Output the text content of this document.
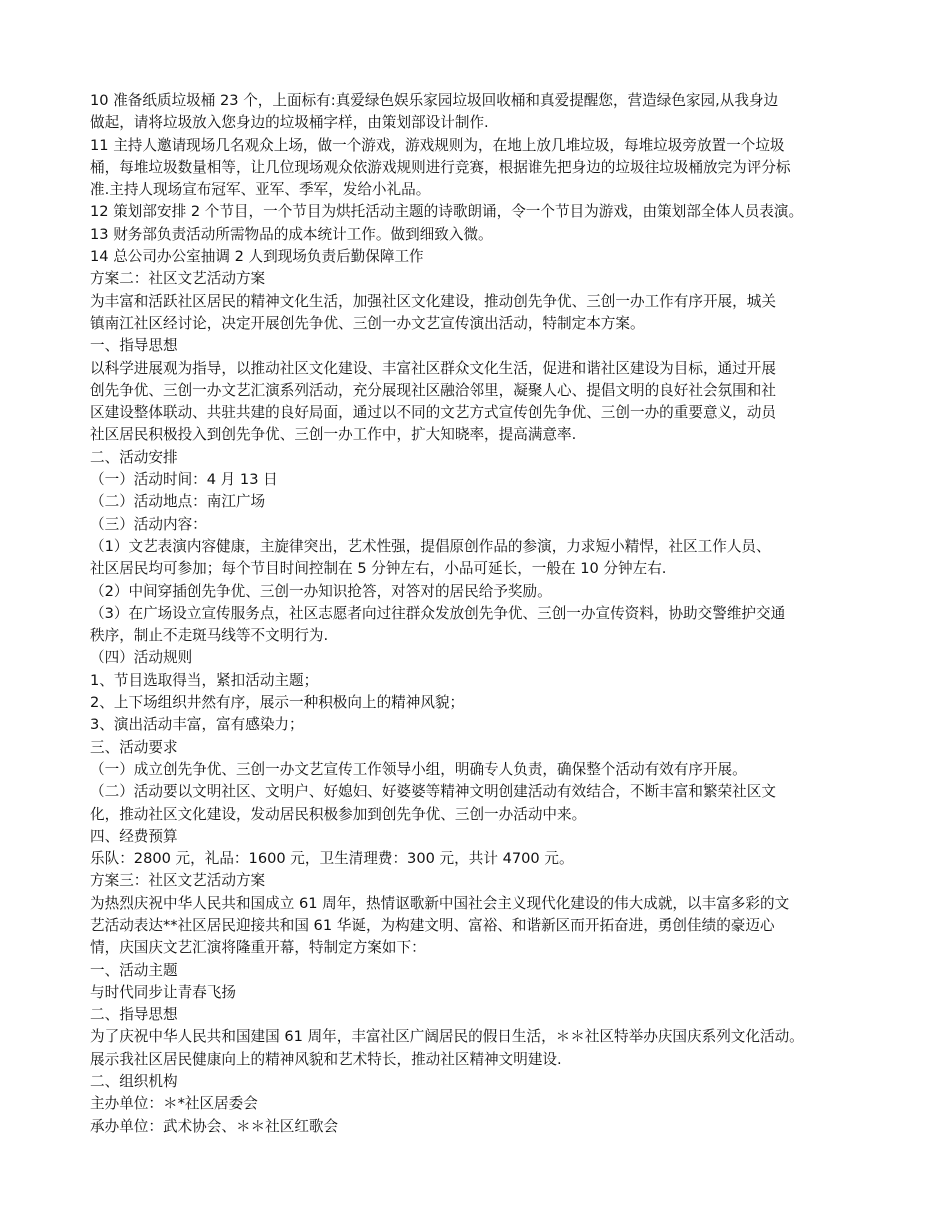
10 准备纸质垃圾桶 23 个，上面标有:真爱绿色娱乐家园垃圾回收桶和真爱提醒您，营造绿色家园,从我身边
做起，请将垃圾放入您身边的垃圾桶字样，由策划部设计制作.
11 主持人邀请现场几名观众上场，做一个游戏，游戏规则为，在地上放几堆垃圾，每堆垃圾旁放置一个垃圾
桶，每堆垃圾数量相等，让几位现场观众依游戏规则进行竞赛，根据谁先把身边的垃圾往垃圾桶放完为评分标
准.主持人现场宣布冠军、亚军、季军，发给小礼品。
12 策划部安排 2 个节目，一个节目为烘托活动主题的诗歌朗诵，令一个节目为游戏，由策划部全体人员表演。
13 财务部负责活动所需物品的成本统计工作。做到细致入微。
14 总公司办公室抽调 2 人到现场负责后勤保障工作
方案二：社区文艺活动方案
为丰富和活跃社区居民的精神文化生活，加强社区文化建设，推动创先争优、三创一办工作有序开展，城关
镇南江社区经讨论，决定开展创先争优、三创一办文艺宣传演出活动，特制定本方案。
一、指导思想
以科学进展观为指导，以推动社区文化建设、丰富社区群众文化生活，促进和谐社区建设为目标，通过开展
创先争优、三创一办文艺汇演系列活动，充分展现社区融洽邻里，凝聚人心、提倡文明的良好社会氛围和社
区建设整体联动、共驻共建的良好局面，通过以不同的文艺方式宣传创先争优、三创一办的重要意义，动员
社区居民积极投入到创先争优、三创一办工作中，扩大知晓率，提高满意率.
二、活动安排
（一）活动时间：4 月 13 日
（二）活动地点：南江广场
（三）活动内容：
（1）文艺表演内容健康，主旋律突出，艺术性强，提倡原创作品的参演，力求短小精悍，社区工作人员、
社区居民均可参加；每个节目时间控制在 5 分钟左右，小品可延长，一般在 10 分钟左右.
（2）中间穿插创先争优、三创一办知识抢答，对答对的居民给予奖励。
（3）在广场设立宣传服务点，社区志愿者向过往群众发放创先争优、三创一办宣传资料，协助交警维护交通
秩序，制止不走斑马线等不文明行为.
（四）活动规则
1、节目选取得当，紧扣活动主题；
2、上下场组织井然有序，展示一种积极向上的精神风貌；
3、演出活动丰富，富有感染力；
三、活动要求
（一）成立创先争优、三创一办文艺宣传工作领导小组，明确专人负责，确保整个活动有效有序开展。
（二）活动要以文明社区、文明户、好媳妇、好婆婆等精神文明创建活动有效结合，不断丰富和繁荣社区文
化，推动社区文化建设，发动居民积极参加到创先争优、三创一办活动中来。
四、经费预算
乐队：2800 元，礼品：1600 元，卫生清理费：300 元，共计 4700 元。
方案三：社区文艺活动方案
为热烈庆祝中华人民共和国成立 61 周年，热情讴歌新中国社会主义现代化建设的伟大成就，以丰富多彩的文
艺活动表达**社区居民迎接共和国 61 华诞，为构建文明、富裕、和谐新区而开拓奋进，勇创佳绩的豪迈心
情，庆国庆文艺汇演将隆重开幕，特制定方案如下：
一、活动主题
与时代同步让青春飞扬
二、指导思想
为了庆祝中华人民共和国建国 61 周年，丰富社区广阔居民的假日生活，＊＊社区特举办庆国庆系列文化活动。
展示我社区居民健康向上的精神风貌和艺术特长，推动社区精神文明建设.
二、组织机构
主办单位：＊*社区居委会
承办单位：武术协会、＊＊社区红歌会
